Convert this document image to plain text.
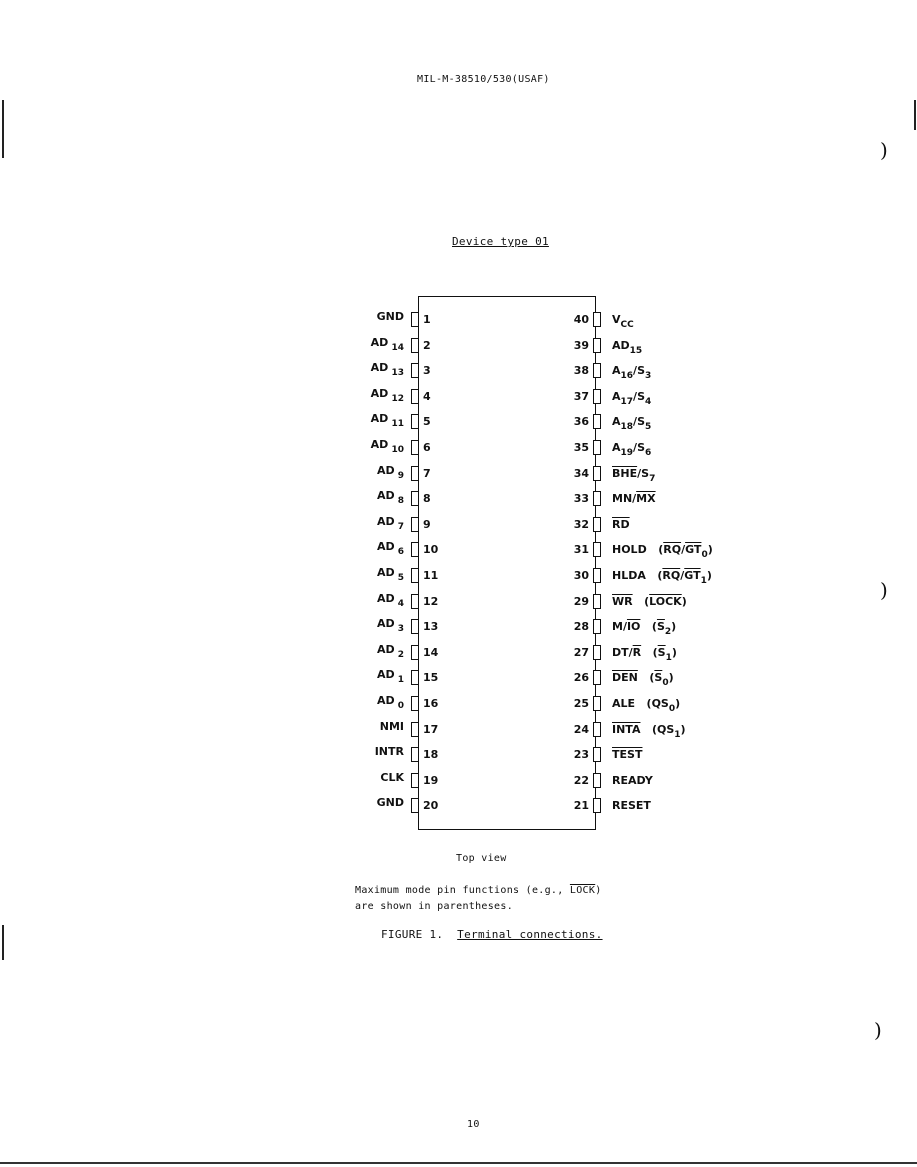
MIL-M-38510/530(USAF)
Device type 01
1
GND
2
AD $_{14}$
3
AD $_{13}$
4
AD $_{12}$
5
AD $_{11}$
6
AD $_{10}$
7
AD $_9$
8
AD $_8$
9
AD $_7$
10
AD $_6$
11
AD $_5$
12
AD $_4$
13
AD $_3$
14
AD $_2$
15
AD $_1$
16
AD $_0$
17
NMI
18
INTR
19
CLK
20
GND
40 $V_{CC}$
39 $AD_{15}$
38 $A_{16}/S_3$
37 $A_{17}/S_4$
36 $A_{18}/S_5$
35 $A_{19}/S_6$
34 $\overline{BHE}/S_7$
33 $MN/\overline{MX}$
32 $\overline{RD}$
31 HOLD   $(\overline{RQ}/\overline{GT}_0)$
30 HLDA   $(\overline{RQ}/\overline{GT}_1)$
29 $\overline{WR}$   (LOCK)
28 $M/\overline{IO}$   $(\overline{S}_2)$
27 $DT/\overline{R}$   $(\overline{S}_1)$
26 $\overline{DEN}$   $(\overline{S}_0)$
25 ALE   $(QS_0)$
24 INTA   $(QS_1)$
23 TEST
22 READY
21 RESET
Top view
Maximum mode pin functions (e.g., LOCK)
are shown in parentheses.
FIGURE 1. Terminal connections.
10
)
)
)
